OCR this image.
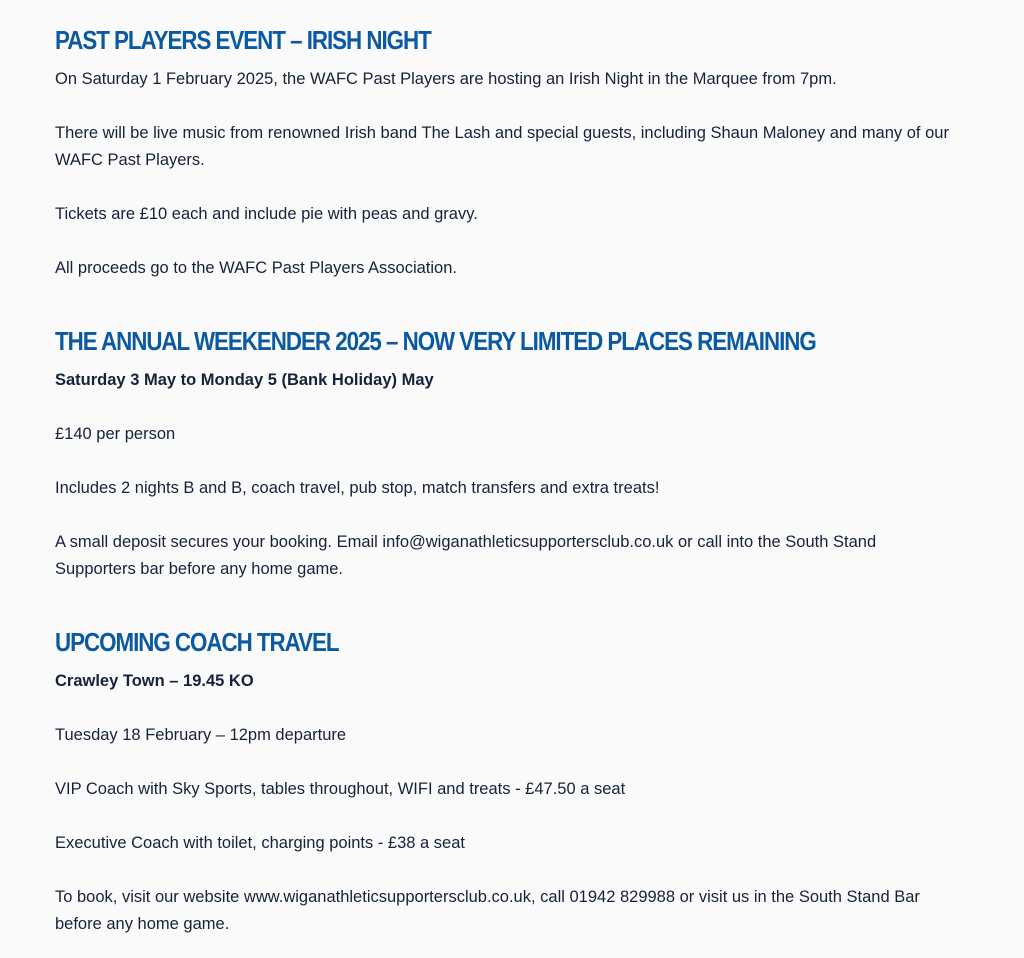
PAST PLAYERS EVENT – IRISH NIGHT

On Saturday 1 February 2025, the WAFC Past Players are hosting an Irish Night in the Marquee from 7pm.

There will be live music from renowned Irish band The Lash and special guests, including Shaun Maloney and many of our WAFC Past Players.

Tickets are £10 each and include pie with peas and gravy.

All proceeds go to the WAFC Past Players Association.

THE ANNUAL WEEKENDER 2025 – NOW VERY LIMITED PLACES REMAINING

Saturday 3 May to Monday 5 (Bank Holiday) May

£140 per person

Includes 2 nights B and B, coach travel, pub stop, match transfers and extra treats!

A small deposit secures your booking. Email info@wiganathleticsupportersclub.co.uk or call into the South Stand Supporters bar before any home game.

UPCOMING COACH TRAVEL

Crawley Town – 19.45 KO

Tuesday 18 February – 12pm departure

VIP Coach with Sky Sports, tables throughout, WIFI and treats - £47.50 a seat

Executive Coach with toilet, charging points - £38 a seat

To book, visit our website www.wiganathleticsupportersclub.co.uk, call 01942 829988 or visit us in the South Stand Bar before any home game.
